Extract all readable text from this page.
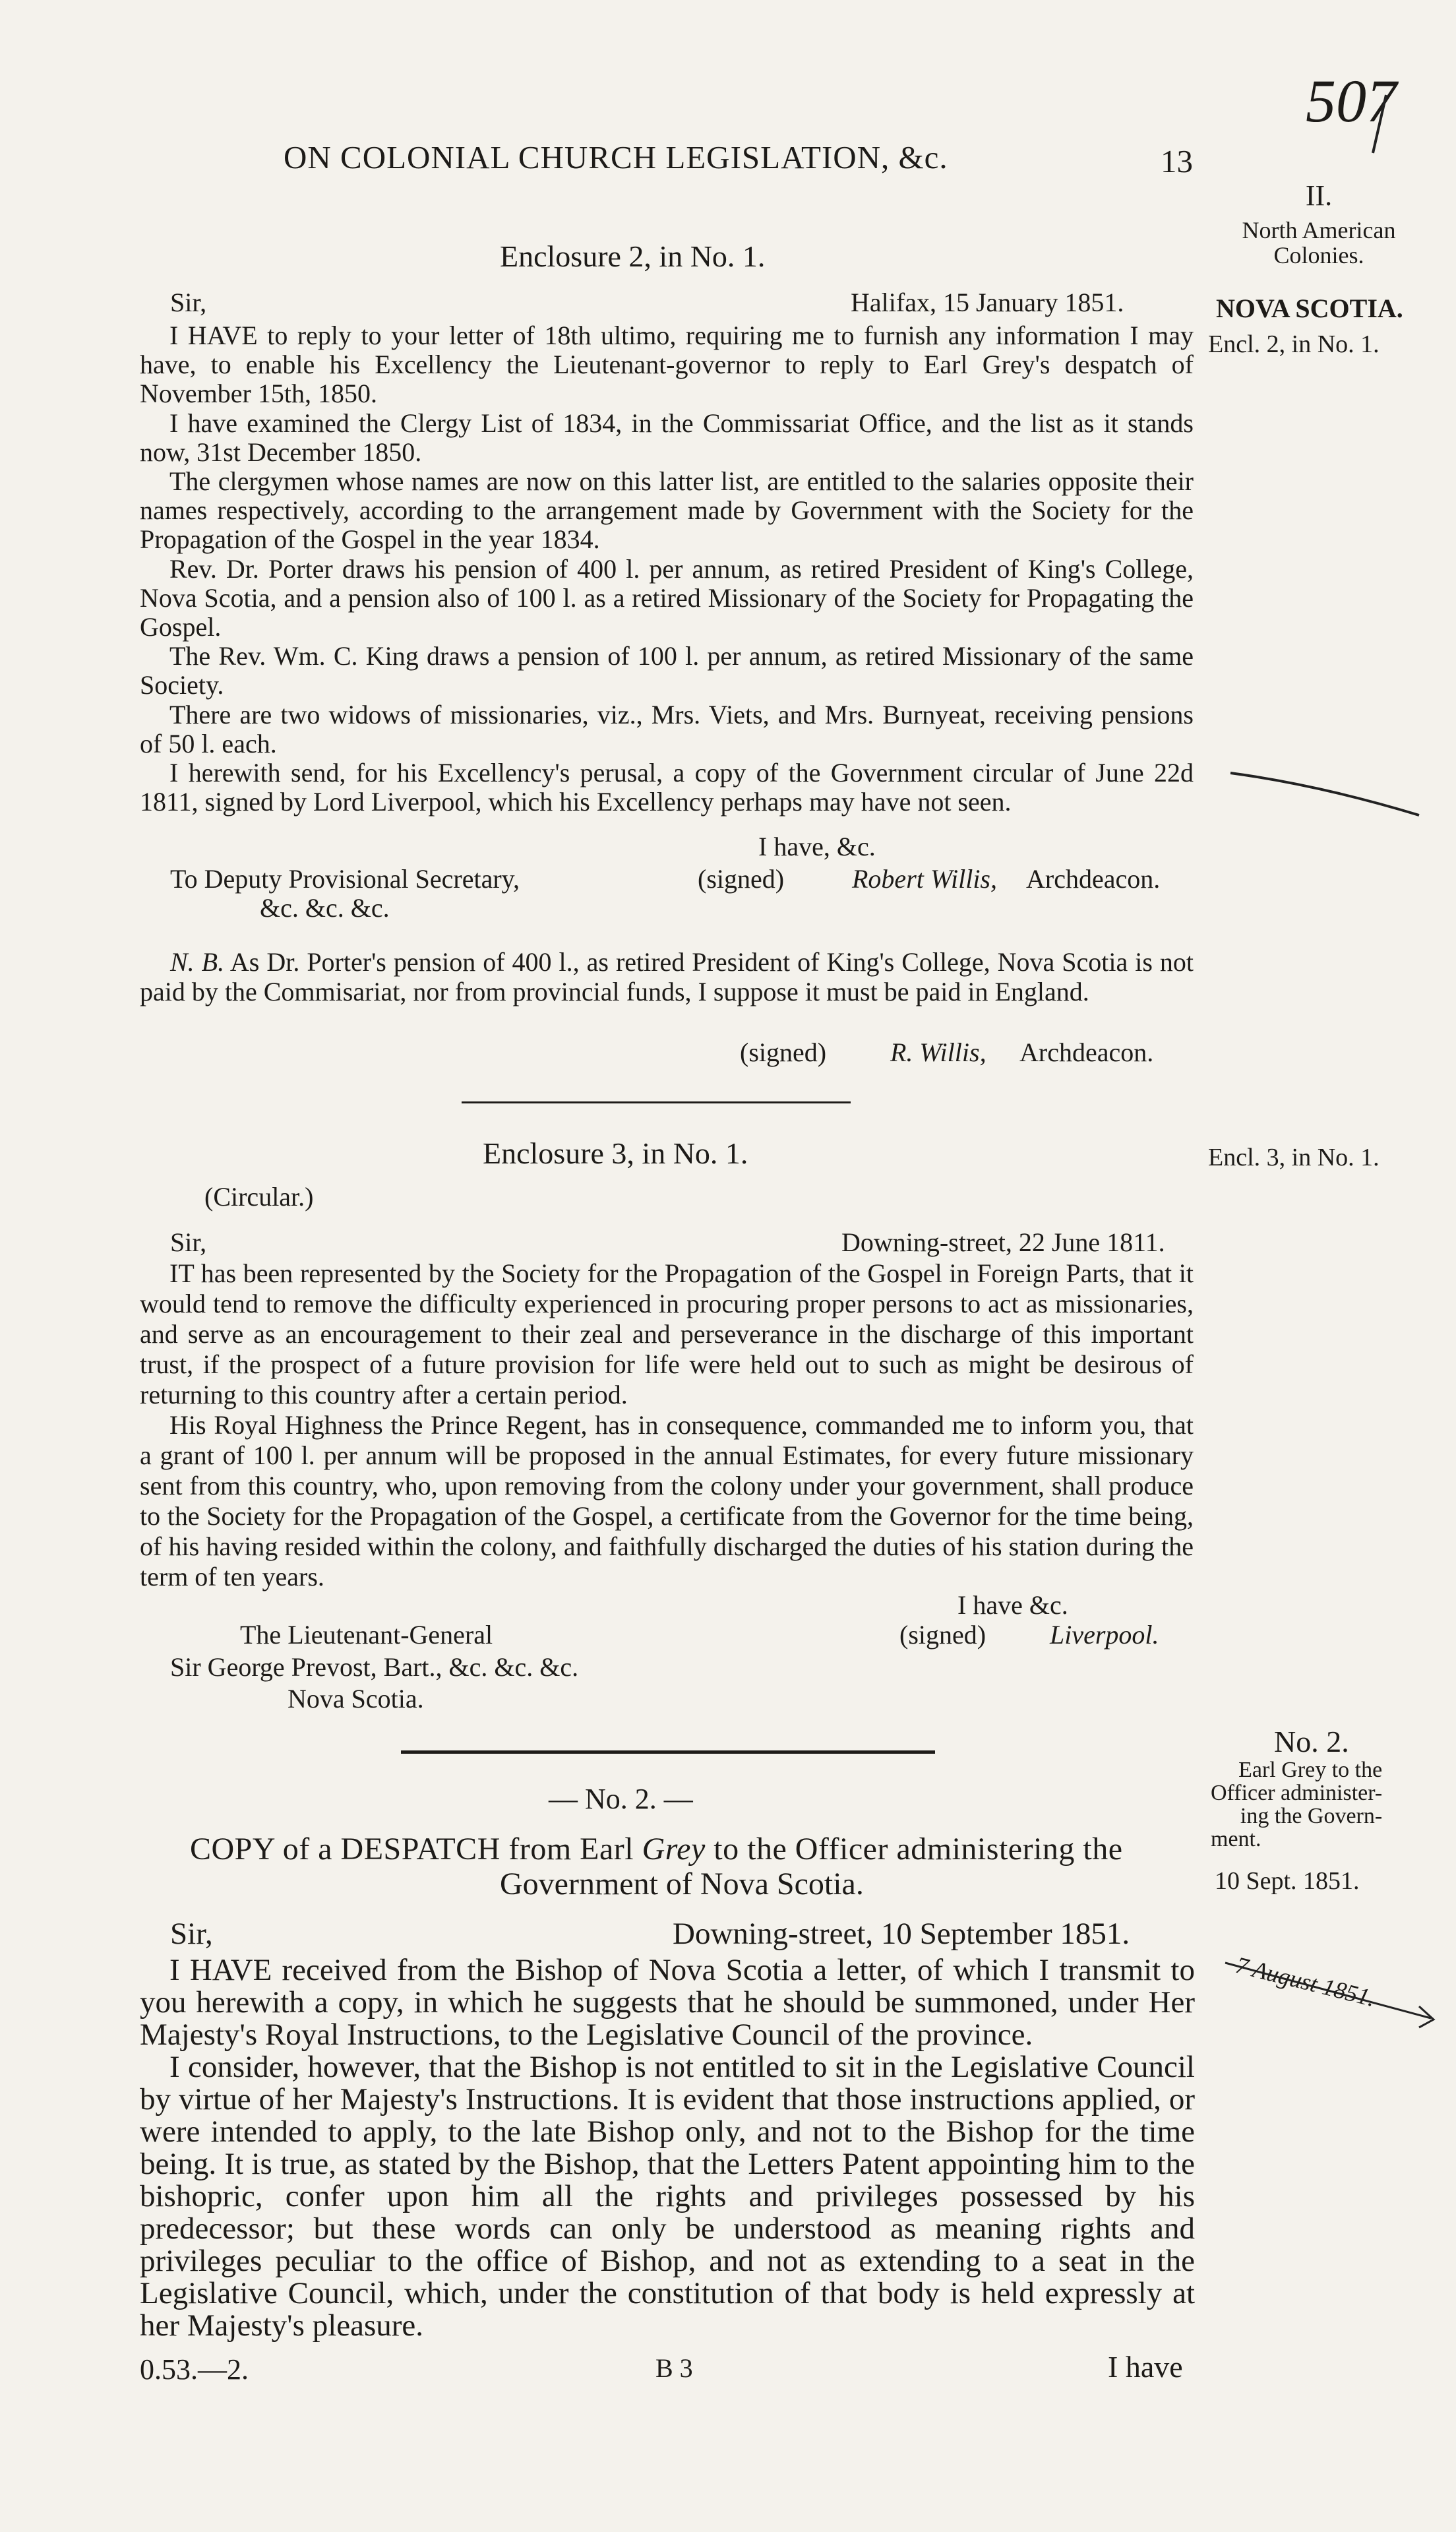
507
ON COLONIAL CHURCH LEGISLATION, &c.	13
II.
North American
Colonies.
NOVA SCOTIA.
Encl. 2, in No. 1.
Encl. 3, in No. 1.
No. 2.
Earl Grey to the
Officer administer-
ing the Govern-
ment.
10 Sept. 1851.
7 August 1851.
Enclosure 2, in No. 1.
Sir,	Halifax, 15 January 1851.

I HAVE to reply to your letter of 18th ultimo, requiring me to furnish any information I may have, to enable his Excellency the Lieutenant-governor to reply to Earl Grey's despatch of November 15th, 1850.

I have examined the Clergy List of 1834, in the Commissariat Office, and the list as it stands now, 31st December 1850.

The clergymen whose names are now on this latter list, are entitled to the salaries opposite their names respectively, according to the arrangement made by Government with the Society for the Propagation of the Gospel in the year 1834.

Rev. Dr. Porter draws his pension of 400 l. per annum, as retired President of King's College, Nova Scotia, and a pension also of 100 l. as a retired Missionary of the Society for Propagating the Gospel.

The Rev. Wm. C. King draws a pension of 100 l. per annum, as retired Missionary of the same Society.

There are two widows of missionaries, viz., Mrs. Viets, and Mrs. Burnyeat, receiving pensions of 50 l. each.

I herewith send, for his Excellency's perusal, a copy of the Government circular of June 22d 1811, signed by Lord Liverpool, which his Excellency perhaps may have not seen.

I have, &c.
To Deputy Provisional Secretary,
&c. &c. &c.
(signed)	Robert Willis, Archdeacon.

N. B. As Dr. Porter's pension of 400 l., as retired President of King's College, Nova Scotia is not paid by the Commisariat, nor from provincial funds, I suppose it must be paid in England.

(signed) R. Willis, Archdeacon.
Enclosure 3, in No. 1.
(Circular.)
Sir,	Downing-street, 22 June 1811.

IT has been represented by the Society for the Propagation of the Gospel in Foreign Parts, that it would tend to remove the difficulty experienced in procuring proper persons to act as missionaries, and serve as an encouragement to their zeal and perseverance in the discharge of this important trust, if the prospect of a future provision for life were held out to such as might be desirous of returning to this country after a certain period.

His Royal Highness the Prince Regent, has in consequence, commanded me to inform you, that a grant of 100 l. per annum will be proposed in the annual Estimates, for every future missionary sent from this country, who, upon removing from the colony under your government, shall produce to the Society for the Propagation of the Gospel, a certificate from the Governor for the time being, of his having resided within the colony, and faithfully discharged the duties of his station during the term of ten years.

I have &c.
(signed) Liverpool.
The Lieutenant-General
Sir George Prevost, Bart., &c. &c. &c.
Nova Scotia.
— No. 2. —
COPY of a DESPATCH from Earl Grey to the Officer administering the
Government of Nova Scotia.
Sir,	Downing-street, 10 September 1851.

I HAVE received from the Bishop of Nova Scotia a letter, of which I transmit to you herewith a copy, in which he suggests that he should be summoned, under Her Majesty's Royal Instructions, to the Legislative Council of the province.

I consider, however, that the Bishop is not entitled to sit in the Legislative Council by virtue of her Majesty's Instructions. It is evident that those instructions applied, or were intended to apply, to the late Bishop only, and not to the Bishop for the time being. It is true, as stated by the Bishop, that the Letters Patent appointing him to the bishopric, confer upon him all the rights and privileges possessed by his predecessor; but these words can only be understood as meaning rights and privileges peculiar to the office of Bishop, and not as extending to a seat in the Legislative Council, which, under the constitution of that body is held expressly at her Majesty's pleasure.

0.53.—2.	B 3	I have
